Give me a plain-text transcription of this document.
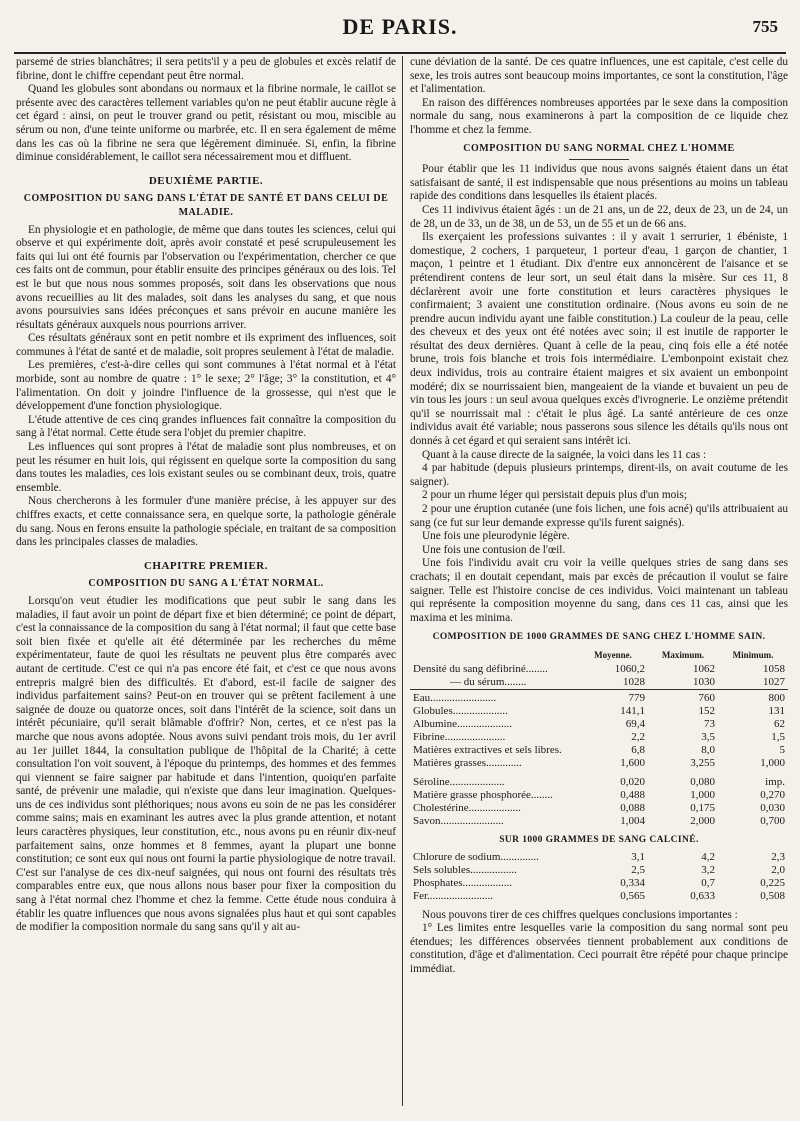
DE PARIS.	755

parsemé de stries blanchâtres; il sera petits'il y a peu de globules et excès relatif de fibrine, dont le chiffre cependant peut être normal.

Quand les globules sont abondans ou normaux et la fibrine normale, le caillot se présente avec des caractères tellement variables qu'on ne peut établir aucune règle à cet égard : ainsi, on peut le trouver grand ou petit, résistant ou mou, miscible au sérum ou non, d'une teinte uniforme ou marbrée, etc. Il en sera également de même dans les cas où la fibrine ne sera que légèrement diminuée. Si, enfin, la fibrine diminue considérablement, le caillot sera nécessairement mou et diffluent.

DEUXIÈME PARTIE.
COMPOSITION DU SANG DANS L'ÉTAT DE SANTÉ ET DANS CELUI DE MALADIE.

En physiologie et en pathologie, de même que dans toutes les sciences, celui qui observe et qui expérimente doit, après avoir constaté et pesé scrupuleusement les faits qui lui ont été fournis par l'observation ou l'expérimentation, chercher ce que ces faits ont de commun, pour établir ensuite des principes généraux ou des lois. Tel est le but que nous nous sommes proposés, soit dans les observations que nous avons recueillies au lit des malades, soit dans les analyses du sang, et que nous avons poursuivies sans idées préconçues et sans prévoir en aucune manière les résultats généraux auxquels nous pourrions arriver.

Ces résultats généraux sont en petit nombre et ils expriment des influences, soit communes à l'état de santé et de maladie, soit propres seulement à l'état de maladie.

Les premières, c'est-à-dire celles qui sont communes à l'état normal et à l'état morbide, sont au nombre de quatre : 1° le sexe; 2° l'âge; 3° la constitution, et 4° l'alimentation. On doit y joindre l'influence de la grossesse, qui n'est que le développement d'une fonction physiologique.

L'étude attentive de ces cinq grandes influences fait connaître la composition du sang à l'état normal. Cette étude sera l'objet du premier chapitre.

Les influences qui sont propres à l'état de maladie sont plus nombreuses, et on peut les résumer en huit lois, qui régissent en quelque sorte la composition du sang dans toutes les maladies, ces lois existant seules ou se combinant deux, trois, quatre ensemble.

Nous chercherons à les formuler d'une manière précise, à les appuyer sur des chiffres exacts, et cette connaissance sera, en quelque sorte, la pathologie générale du sang. Nous en ferons ensuite la pathologie spéciale, en traitant de sa composition dans les principales classes de maladies.

CHAPITRE PREMIER.
COMPOSITION DU SANG A L'ÉTAT NORMAL.

Lorsqu'on veut étudier les modifications que peut subir le sang dans les maladies, il faut avoir un point de départ fixe et bien déterminé; ce point de départ, c'est la connaissance de la composition du sang à l'état normal; il faut que cette base soit bien fixée et qu'elle ait été déterminée par les recherches du même expérimentateur, faute de quoi les résultats ne peuvent plus être comparés avec autant de certitude. C'est ce qui n'a pas encore été fait, et c'est ce que nous avons entrepris malgré bien des difficultés. Et d'abord, est-il facile de saigner des individus parfaitement sains? Peut-on en trouver qui se prêtent facilement à une saignée de douze ou quatorze onces, soit dans l'intérêt de la science, soit dans un intérêt pécuniaire, qu'il serait blâmable d'offrir? Non, certes, et ce n'est pas la marche que nous avons adoptée. Nous avons suivi pendant trois mois, du 1er avril au 1er juillet 1844, la consultation publique de l'hôpital de la Charité; à cette consultation l'on voit souvent, à l'époque du printemps, des hommes et des femmes qui viennent se faire saigner par habitude et dans l'intention, quoiqu'en parfaite santé, de prévenir une maladie, qui n'existe que dans leur imagination. Quelques-uns de ces individus sont pléthoriques; nous avons eu soin de ne pas les considérer comme sains; mais en examinant les autres avec la plus grande attention, et notant leurs caractères physiques, leur constitution, etc., nous avons pu en réunir dix-neuf parfaitement sains, onze hommes et 8 femmes, ayant la plupart une bonne constitution; ce sont eux qui nous ont fourni la partie physiologique de notre travail. C'est sur l'analyse de ces dix-neuf saignées, qui nous ont fourni des résultats très comparables entre eux, que nous allons nous baser pour fixer la composition du sang à l'état normal chez l'homme et chez la femme. Cette étude nous conduira à établir les quatre influences que nous avons signalées plus haut et qui sont capables de modifier la composition normale du sang sans qu'il y ait au-

cune déviation de la santé. De ces quatre influences, une est capitale, c'est celle du sexe, les trois autres sont beaucoup moins importantes, ce sont la constitution, l'âge et l'alimentation.

En raison des différences nombreuses apportées par le sexe dans la composition normale du sang, nous examinerons à part la composition de ce liquide chez l'homme et chez la femme.

COMPOSITION DU SANG NORMAL CHEZ L'HOMME

Pour établir que les 11 individus que nous avons saignés étaient dans un état satisfaisant de santé, il est indispensable que nous présentions au moins un tableau rapide des conditions dans lesquelles ils étaient placés.

Ces 11 indivivus étaient âgés : un de 21 ans, un de 22, deux de 23, un de 24, un de 28, un de 33, un de 38, un de 53, un de 55 et un de 66 ans.

Ils exerçaient les professions suivantes : il y avait 1 serrurier, 1 ébéniste, 1 domestique, 2 cochers, 1 parqueteur, 1 porteur d'eau, 1 garçon de chantier, 1 maçon, 1 peintre et 1 étudiant. Dix d'entre eux annoncèrent de l'aisance et se prétendirent contens de leur sort, un seul était dans la misère. Sur ces 11, 8 déclarèrent avoir une forte constitution et leurs caractères physiques le confirmaient; 3 avaient une constitution ordinaire. (Nous avons eu soin de ne prendre aucun individu ayant une faible constitution.) La couleur de la peau, celle des cheveux et des yeux ont été notées avec soin; il est inutile de rapporter le résultat des deux dernières. Quant à celle de la peau, cinq fois elle a été notée brune, trois fois blanche et trois fois intermédiaire. L'embonpoint existait chez deux individus, trois au contraire étaient maigres et six avaient un embonpoint modéré; dix se nourrissaient bien, mangeaient de la viande et buvaient un peu de vin tous les jours : un seul avoua quelques excès d'ivrognerie. Le onzième prétendit qu'il se nourrissait mal : c'était le plus âgé. La santé antérieure de ces onze individus avait été variable; nous passerons sous silence les détails qu'ils nous ont donnés à cet égard et qui seraient sans intérêt ici.

Quant à la cause directe de la saignée, la voici dans les 11 cas :

4 par habitude (depuis plusieurs printemps, dirent-ils, on avait coutume de les saigner).

2 pour un rhume léger qui persistait depuis plus d'un mois;

2 pour une éruption cutanée (une fois lichen, une fois acné) qu'ils attribuaient au sang (ce fut sur leur demande expresse qu'ils furent saignés).

Une fois une pleurodynie légère.

Une fois une contusion de l'œil.

Une fois l'individu avait cru voir la veille quelques stries de sang dans ses crachats; il en doutait cependant, mais par excès de précaution il voulut se faire saigner. Telle est l'histoire concise de ces individus. Voici maintenant un tableau qui représente la composition moyenne du sang, dans ces 11 cas, ainsi que les maxima et les minima.

COMPOSITION DE 1000 GRAMMES DE SANG CHEZ L'HOMME SAIN.
	Moyenne.	Maximum.	Minimum.
Densité du sang défibriné........	1060,2	1062	1058
— du sérum........	1028	1030	1027

Eau........................	779	760	800
Globules....................	141,1	152	131
Albumine....................	69,4	73	62
Fibrine......................	2,2	3,5	1,5
Matières extractives et sels libres.	6,8	8,0	5
Matières grasses.............	1,600	3,255	1,000

Séroline....................	0,020	0,080	imp.
Matière grasse phosphorée........	0,488	1,000	0,270
Cholestérine...................	0,088	0,175	0,030
Savon.......................	1,004	2,000	0,700
SUR 1000 GRAMMES DE SANG CALCINÉ.
Chlorure de sodium..............	3,1	4,2	2,3
Sels solubles.................	2,5	3,2	2,0
Phosphates..................	0,334	0,7	0,225
Fer........................	0,565	0,633	0,508

Nous pouvons tirer de ces chiffres quelques conclusions importantes :

1° Les limites entre lesquelles varie la composition du sang normal sont peu étendues; les différences observées tiennent probablement aux conditions de constitution, d'âge et d'alimentation. Ceci pourrait être répété pour chaque principe immédiat.
